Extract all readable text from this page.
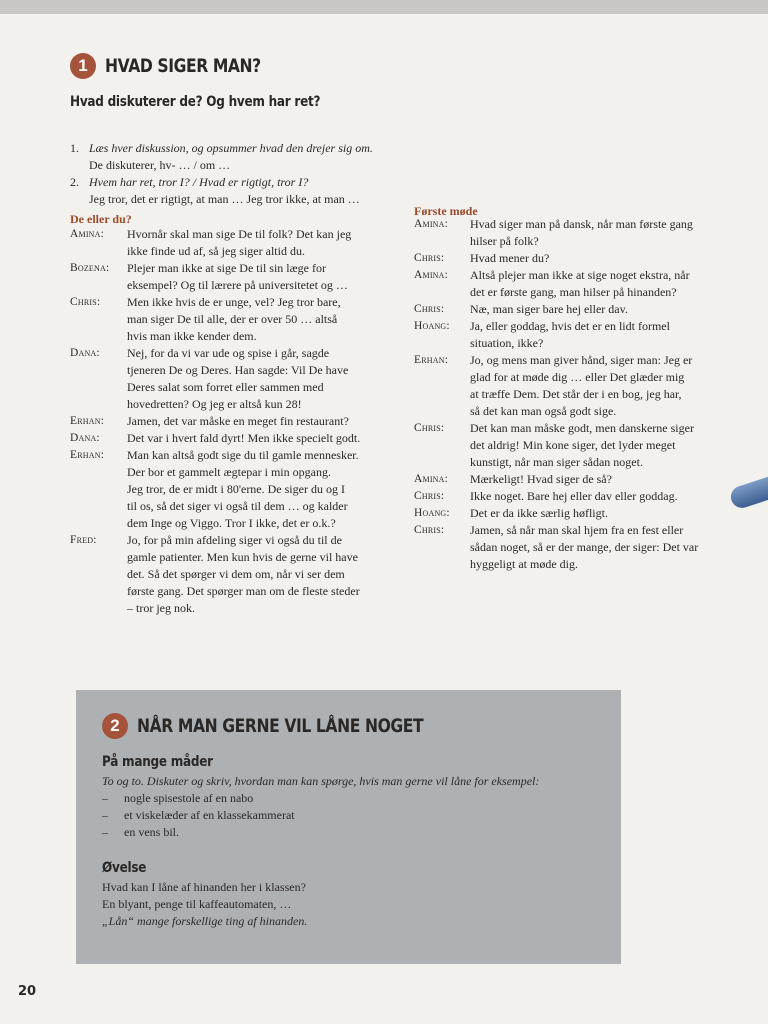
1 HVAD SIGER MAN?
Hvad diskuterer de? Og hvem har ret?
1. Læs hver diskussion, og opsummer hvad den drejer sig om.
De diskuterer, hv- … / om …
2. Hvem har ret, tror I? / Hvad er rigtigt, tror I?
Jeg tror, det er rigtigt, at man … Jeg tror ikke, at man …
De eller du?
Første møde
Amina:	Hvornår skal man sige De til folk? Det kan jeg
ikke finde ud af, så jeg siger altid du.
Bozena:	Plejer man ikke at sige De til sin læge for
eksempel? Og til lærere på universitetet og …
Chris:	Men ikke hvis de er unge, vel? Jeg tror bare,
man siger De til alle, der er over 50 … altså
hvis man ikke kender dem.
Dana:	Nej, for da vi var ude og spise i går, sagde
tjeneren De og Deres. Han sagde: Vil De have
Deres salat som forret eller sammen med
hovedretten? Og jeg er altså kun 28!
Erhan:	Jamen, det var måske en meget fin restaurant?
Dana:	Det var i hvert fald dyrt! Men ikke specielt godt.
Erhan:	Man kan altså godt sige du til gamle mennesker.
Der bor et gammelt ægtepar i min opgang.
Jeg tror, de er midt i 80'erne. De siger du og I
til os, så det siger vi også til dem … og kalder
dem Inge og Viggo. Tror I ikke, det er o.k.?
Fred:	Jo, for på min afdeling siger vi også du til de
gamle patienter. Men kun hvis de gerne vil have
det. Så det spørger vi dem om, når vi ser dem
første gang. Det spørger man om de fleste steder
– tror jeg nok.
Amina:	Hvad siger man på dansk, når man første gang
hilser på folk?
Chris:	Hvad mener du?
Amina:	Altså plejer man ikke at sige noget ekstra, når
det er første gang, man hilser på hinanden?
Chris:	Næ, man siger bare hej eller dav.
Hoang:	Ja, eller goddag, hvis det er en lidt formel
situation, ikke?
Erhan:	Jo, og mens man giver hånd, siger man: Jeg er
glad for at møde dig … eller Det glæder mig
at træffe Dem. Det står der i en bog, jeg har,
så det kan man også godt sige.
Chris:	Det kan man måske godt, men danskerne siger
det aldrig! Min kone siger, det lyder meget
kunstigt, når man siger sådan noget.
Amina:	Mærkeligt! Hvad siger de så?
Chris:	Ikke noget. Bare hej eller dav eller goddag.
Hoang:	Det er da ikke særlig høfligt.
Chris:	Jamen, så når man skal hjem fra en fest eller
sådan noget, så er der mange, der siger: Det var
hyggeligt at møde dig.
2 NÅR MAN GERNE VIL LÅNE NOGET
På mange måder
To og to. Diskuter og skriv, hvordan man kan spørge, hvis man gerne vil låne for eksempel:
–	nogle spisestole af en nabo
–	et viskelæder af en klassekammerat
–	en vens bil.
Øvelse
Hvad kan I låne af hinanden her i klassen?
En blyant, penge til kaffeautomaten, …
„Lån“ mange forskellige ting af hinanden.
20
